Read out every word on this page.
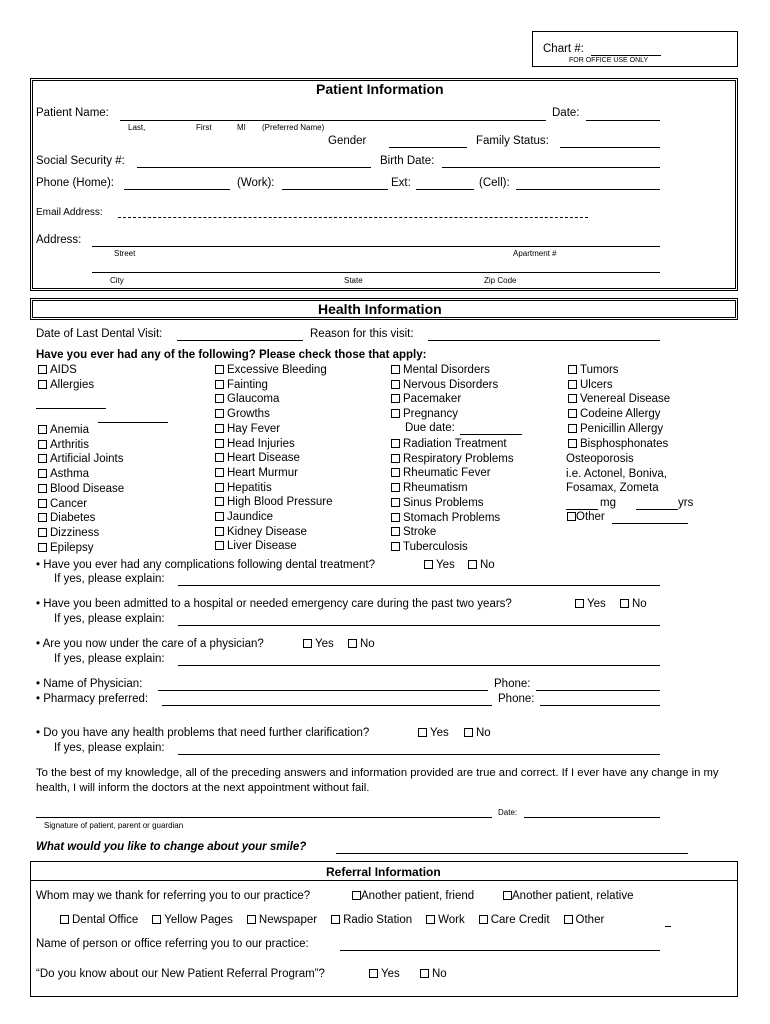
Chart #:
FOR OFFICE USE ONLY
Patient Information
Patient Name:	Date:
Last,	First	MI (Preferred Name)
Gender	Family Status:
Social Security #:	Birth Date:
Phone (Home):	(Work):	Ext:	(Cell):
Email Address:
Address:
Street	Apartment #
City	State	Zip Code
Health Information
Date of Last Dental Visit:	Reason for this visit:
Have you ever had any of the following? Please check those that apply:
AIDS
Allergies
Anemia
Arthritis
Artificial Joints
Asthma
Blood Disease
Cancer
Diabetes
Dizziness
Epilepsy
Excessive Bleeding
Fainting
Glaucoma
Growths
Hay Fever
Head Injuries
Heart Disease
Heart Murmur
Hepatitis
High Blood Pressure
Jaundice
Kidney Disease
Liver Disease
Mental Disorders
Nervous Disorders
Pacemaker
Pregnancy
Due date:
Radiation Treatment
Respiratory Problems
Rheumatic Fever
Rheumatism
Sinus Problems
Stomach Problems
Stroke
Tuberculosis
Tumors
Ulcers
Venereal Disease
Codeine Allergy
Penicillin Allergy
Bisphosphonates
Osteoporosis
i.e. Actonel, Boniva,
Fosamax, Zometa
mg	yrs
Other
• Have you ever had any complications following dental treatment?	Yes	No
If yes, please explain:
• Have you been admitted to a hospital or needed emergency care during the past two years?	Yes	No
If yes, please explain:
• Are you now under the care of a physician?	Yes	No
If yes, please explain:
• Name of Physician:	Phone:
• Pharmacy preferred:	Phone:
• Do you have any health problems that need further clarification?	Yes	No
If yes, please explain:
To the best of my knowledge, all of the preceding answers and information provided are true and correct. If I ever have any change in my health, I will inform the doctors at the next appointment without fail.
Date:
Signature of patient, parent or guardian
What would you like to change about your smile?
Referral Information
Whom may we thank for referring you to our practice?	Another patient, friend	Another patient, relative
Dental Office Yellow Pages Newspaper Radio Station Work Care Credit Other
Name of person or office referring you to our practice:
“Do you know about our New Patient Referral Program”?	Yes	No
